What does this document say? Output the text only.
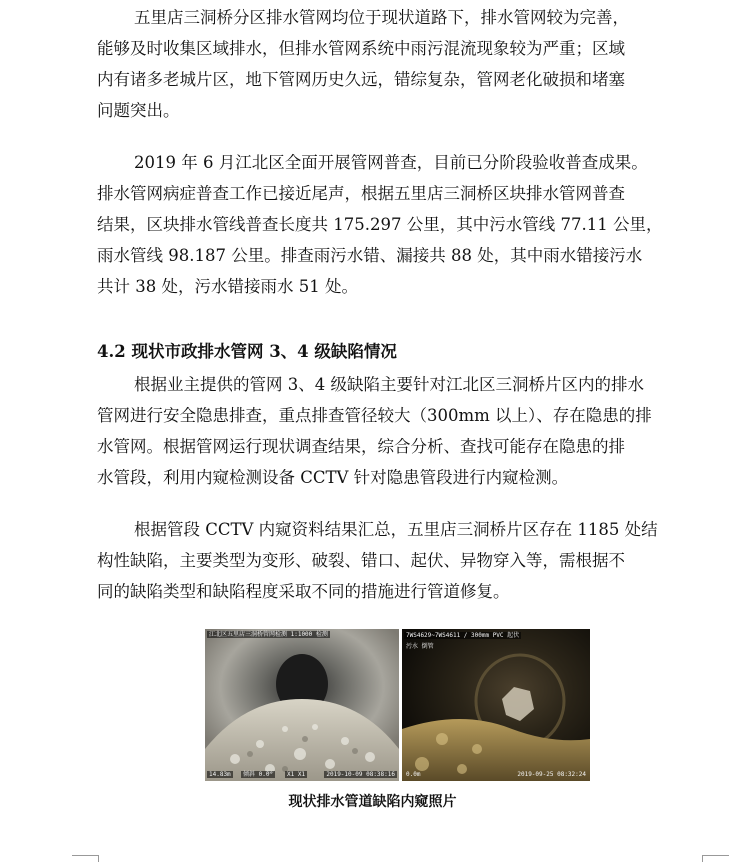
五里店三洞桥分区排水管网均位于现状道路下，排水管网较为完善，
能够及时收集区域排水，但排水管网系统中雨污混流现象较为严重；区域
内有诸多老城片区，地下管网历史久远，错综复杂，管网老化破损和堵塞
问题突出。
2019 年 6 月江北区全面开展管网普查，目前已分阶段验收普查成果。
排水管网病症普查工作已接近尾声，根据五里店三洞桥区块排水管网普查
结果，区块排水管线普查长度共 175.297 公里，其中污水管线 77.11 公里，
雨水管线 98.187 公里。排查雨污水错、漏接共 88 处，其中雨水错接污水
共计 38 处，污水错接雨水 51 处。

4.2 现状市政排水管网 3、4 级缺陷情况

根据业主提供的管网 3、4 级缺陷主要针对江北区三洞桥片区内的排水
管网进行安全隐患排查，重点排查管径较大（300mm 以上）、存在隐患的排
水管网。根据管网运行现状调查结果，综合分析、查找可能存在隐患的排
水管段，利用内窥检测设备 CCTV 针对隐患管段进行内窥检测。
根据管段 CCTV 内窥资料结果汇总，五里店三洞桥片区存在 1185 处结
构性缺陷，主要类型为变形、破裂、错口、起伏、异物穿入等，需根据不
同的缺陷类型和缺陷程度采取不同的措施进行管道修复。
江北区五里店三洞桥管网检测 1:1000 检测
14.83m	倾斜 0.0°	X1 X1	2019-10-09 08:38:16
7WS4629~7WS4611 / 300mm PVC 起伏
污水 倒管
0.0m	2019-09-25 08:32:24

现状排水管道缺陷内窥照片
